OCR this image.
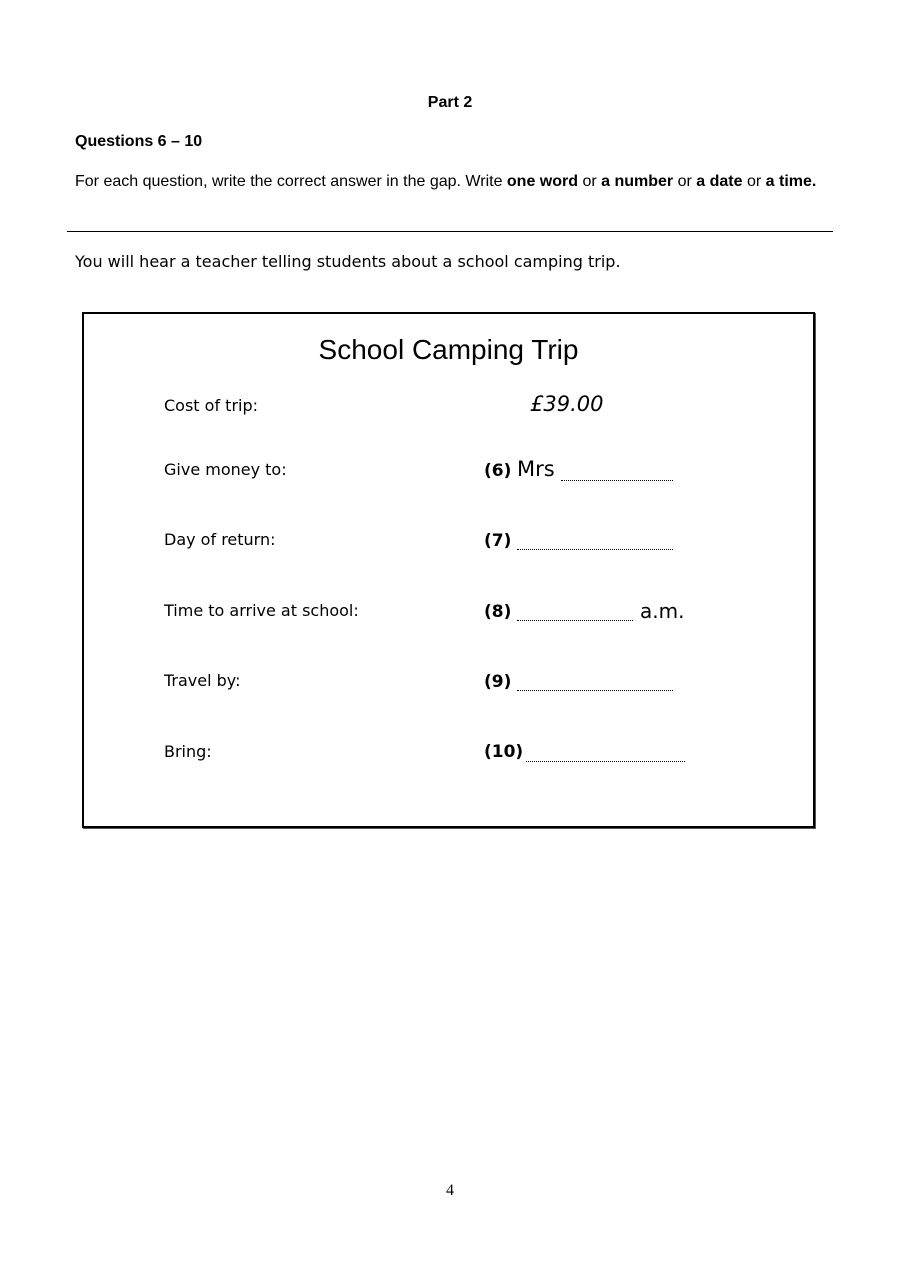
Part 2
Questions 6 – 10
For each question, write the correct answer in the gap. Write one word or a number or a date or a time.
You will hear a teacher telling students about a school camping trip.
School Camping Trip
Cost of trip:	£39.00
Give money to:	(6) Mrs
Day of return:	(7)
Time to arrive at school:	(8)	a.m.
Travel by:	(9)
Bring:	(10)
4
